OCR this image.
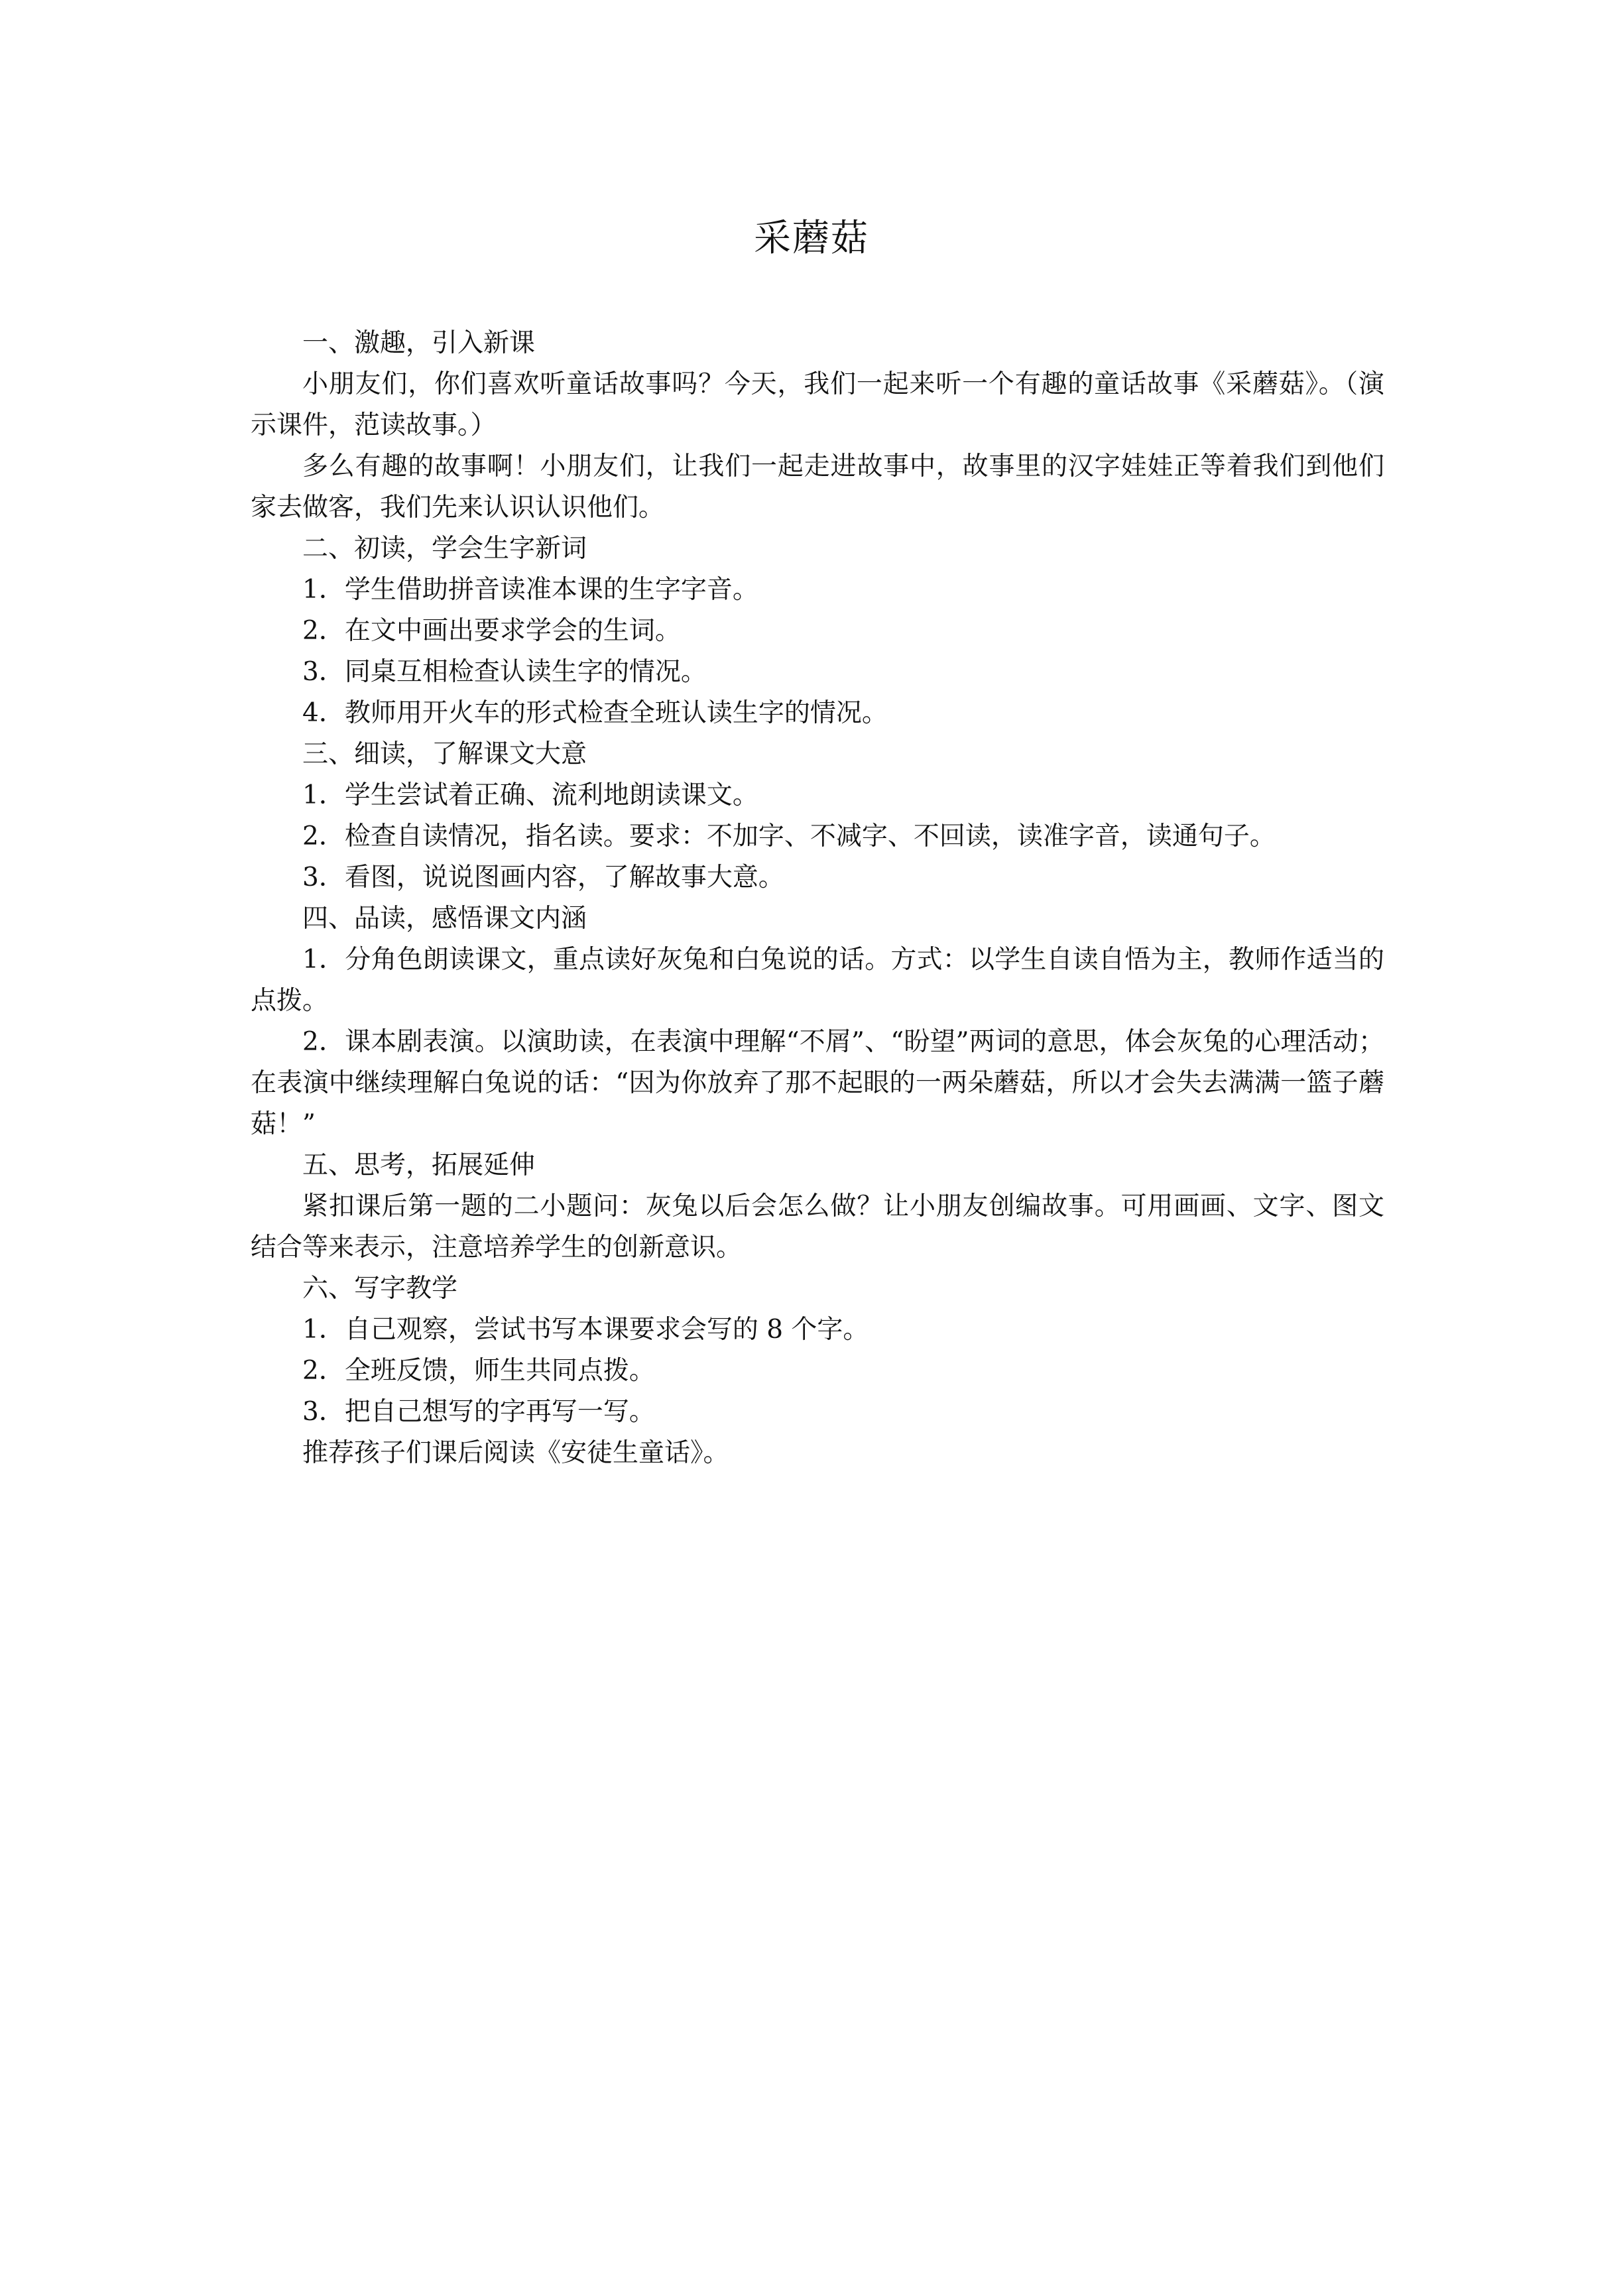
采蘑菇

一、激趣，引入新课

小朋友们，你们喜欢听童话故事吗？今天，我们一起来听一个有趣的童话故事《采蘑菇》。（演示课件，范读故事。）

多么有趣的故事啊！小朋友们，让我们一起走进故事中，故事里的汉字娃娃正等着我们到他们家去做客，我们先来认识认识他们。

二、初读，学会生字新词

1．学生借助拼音读准本课的生字字音。

2．在文中画出要求学会的生词。

3．同桌互相检查认读生字的情况。

4．教师用开火车的形式检查全班认读生字的情况。

三、细读，了解课文大意

1．学生尝试着正确、流利地朗读课文。

2．检查自读情况，指名读。要求：不加字、不减字、不回读，读准字音，读通句子。

3．看图，说说图画内容，了解故事大意。

四、品读，感悟课文内涵

1．分角色朗读课文，重点读好灰兔和白兔说的话。方式：以学生自读自悟为主，教师作适当的点拨。

2．课本剧表演。以演助读，在表演中理解“不屑”、“盼望”两词的意思，体会灰兔的心理活动；在表演中继续理解白兔说的话：“因为你放弃了那不起眼的一两朵蘑菇，所以才会失去满满一篮子蘑菇！”

五、思考，拓展延伸

紧扣课后第一题的二小题问：灰兔以后会怎么做？让小朋友创编故事。可用画画、文字、图文结合等来表示，注意培养学生的创新意识。

六、写字教学

1．自己观察，尝试书写本课要求会写的 8 个字。

2．全班反馈，师生共同点拨。

3．把自己想写的字再写一写。

推荐孩子们课后阅读《安徒生童话》。
